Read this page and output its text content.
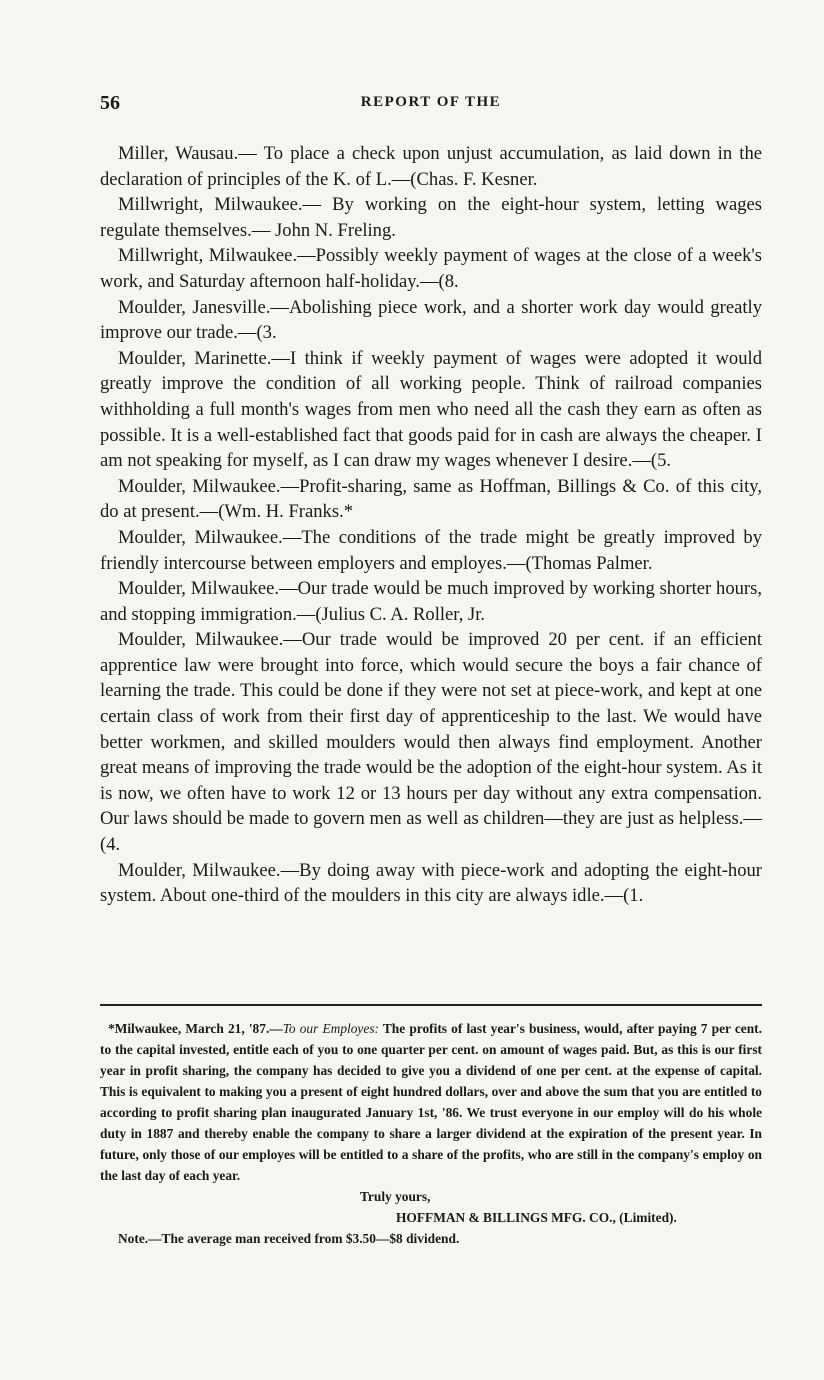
56	REPORT OF THE

Miller, Wausau.— To place a check upon unjust accumulation, as laid down in the declaration of principles of the K. of L.—(Chas. F. Kesner.

Millwright, Milwaukee.— By working on the eight-hour system, letting wages regulate themselves.— John N. Freling.

Millwright, Milwaukee.—Possibly weekly payment of wages at the close of a week's work, and Saturday afternoon half-holiday.—(8.

Moulder, Janesville.—Abolishing piece work, and a shorter work day would greatly improve our trade.—(3.

Moulder, Marinette.—I think if weekly payment of wages were adopted it would greatly improve the condition of all working people. Think of railroad companies withholding a full month's wages from men who need all the cash they earn as often as possible. It is a well-established fact that goods paid for in cash are always the cheaper. I am not speaking for myself, as I can draw my wages whenever I desire.—(5.

Moulder, Milwaukee.—Profit-sharing, same as Hoffman, Billings & Co. of this city, do at present.—(Wm. H. Franks.*

Moulder, Milwaukee.—The conditions of the trade might be greatly improved by friendly intercourse between employers and employes.—(Thomas Palmer.

Moulder, Milwaukee.—Our trade would be much improved by working shorter hours, and stopping immigration.—(Julius C. A. Roller, Jr.

Moulder, Milwaukee.—Our trade would be improved 20 per cent. if an efficient apprentice law were brought into force, which would secure the boys a fair chance of learning the trade. This could be done if they were not set at piece-work, and kept at one certain class of work from their first day of apprenticeship to the last. We would have better workmen, and skilled moulders would then always find employment. Another great means of improving the trade would be the adoption of the eight-hour system. As it is now, we often have to work 12 or 13 hours per day without any extra compensation. Our laws should be made to govern men as well as children—they are just as helpless.—(4.

Moulder, Milwaukee.—By doing away with piece-work and adopting the eight-hour system. About one-third of the moulders in this city are always idle.—(1.

*Milwaukee, March 21, '87.—To our Employes: The profits of last year's business, would, after paying 7 per cent. to the capital invested, entitle each of you to one quarter per cent. on amount of wages paid. But, as this is our first year in profit sharing, the company has decided to give you a dividend of one per cent. at the expense of capital. This is equivalent to making you a present of eight hundred dollars, over and above the sum that you are entitled to according to profit sharing plan inaugurated January 1st, '86. We trust everyone in our employ will do his whole duty in 1887 and thereby enable the company to share a larger dividend at the expiration of the present year. In future, only those of our employes will be entitled to a share of the profits, who are still in the company's employ on the last day of each year.

Truly yours,

HOFFMAN & BILLINGS MFG. CO., (Limited).

Note.—The average man received from $3.50—$8 dividend.
